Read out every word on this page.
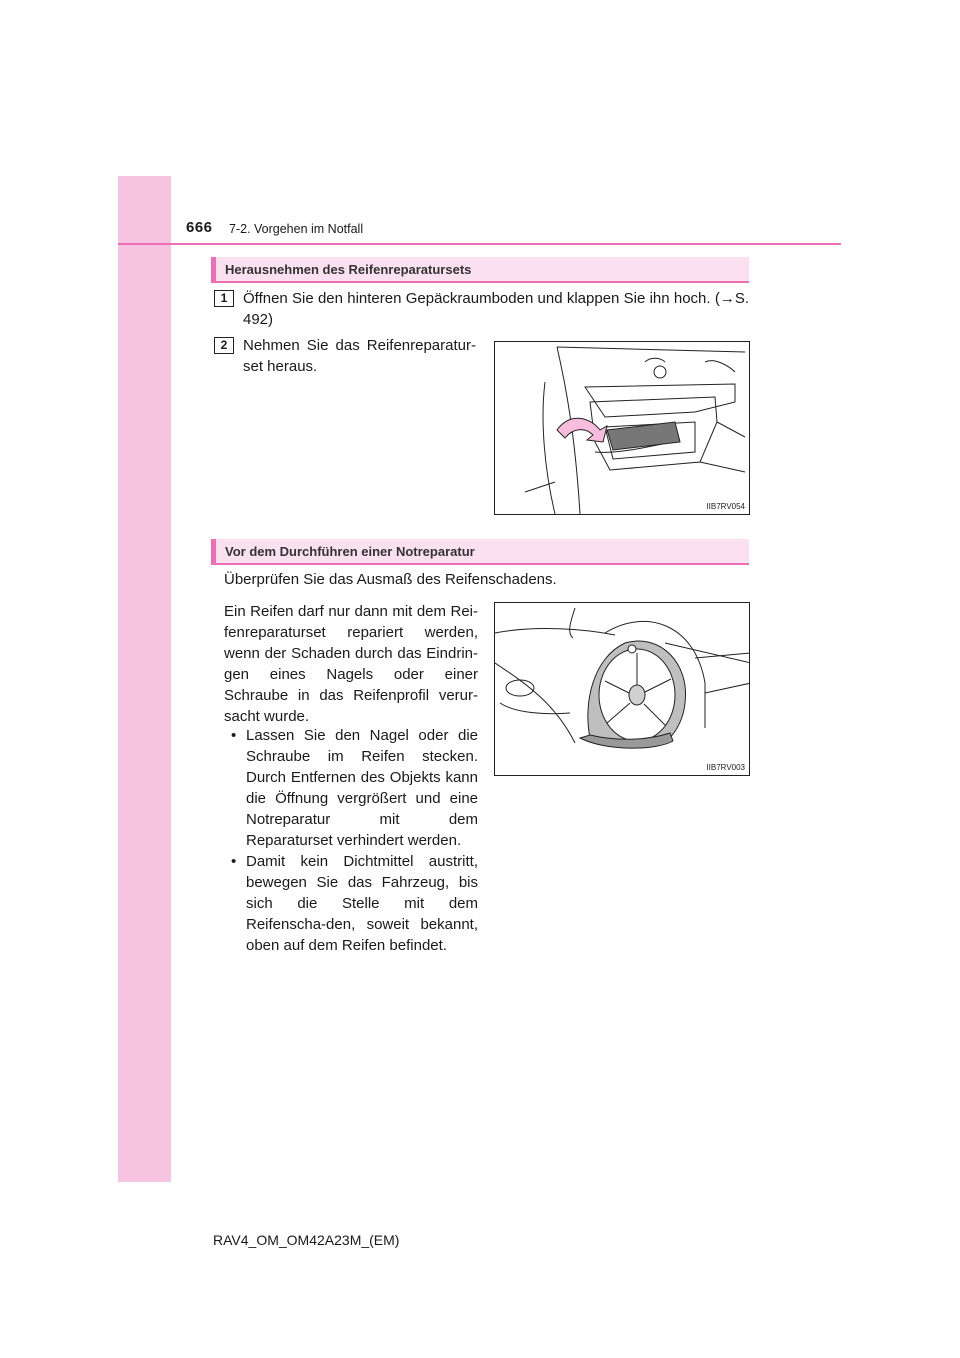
666 7-2. Vorgehen im Notfall
Herausnehmen des Reifenreparatursets
1	Öffnen Sie den hinteren Gepäckraumboden und klappen Sie ihn hoch. (→S. 492)
2	Nehmen Sie das Reifenreparatur-set heraus.
IIB7RV054
Vor dem Durchführen einer Notreparatur
Überprüfen Sie das Ausmaß des Reifenschadens.
Ein Reifen darf nur dann mit dem Rei-fenreparaturset repariert werden, wenn der Schaden durch das Eindrin-gen eines Nagels oder einer Schraube in das Reifenprofil verur-sacht wurde.
• Lassen Sie den Nagel oder die Schraube im Reifen stecken. Durch Entfernen des Objekts kann die Öffnung vergrößert und eine Notreparatur mit dem Reparaturset verhindert werden.
• Damit kein Dichtmittel austritt, bewegen Sie das Fahrzeug, bis sich die Stelle mit dem Reifenscha-den, soweit bekannt, oben auf dem Reifen befindet.
IIB7RV003
RAV4_OM_OM42A23M_(EM)
